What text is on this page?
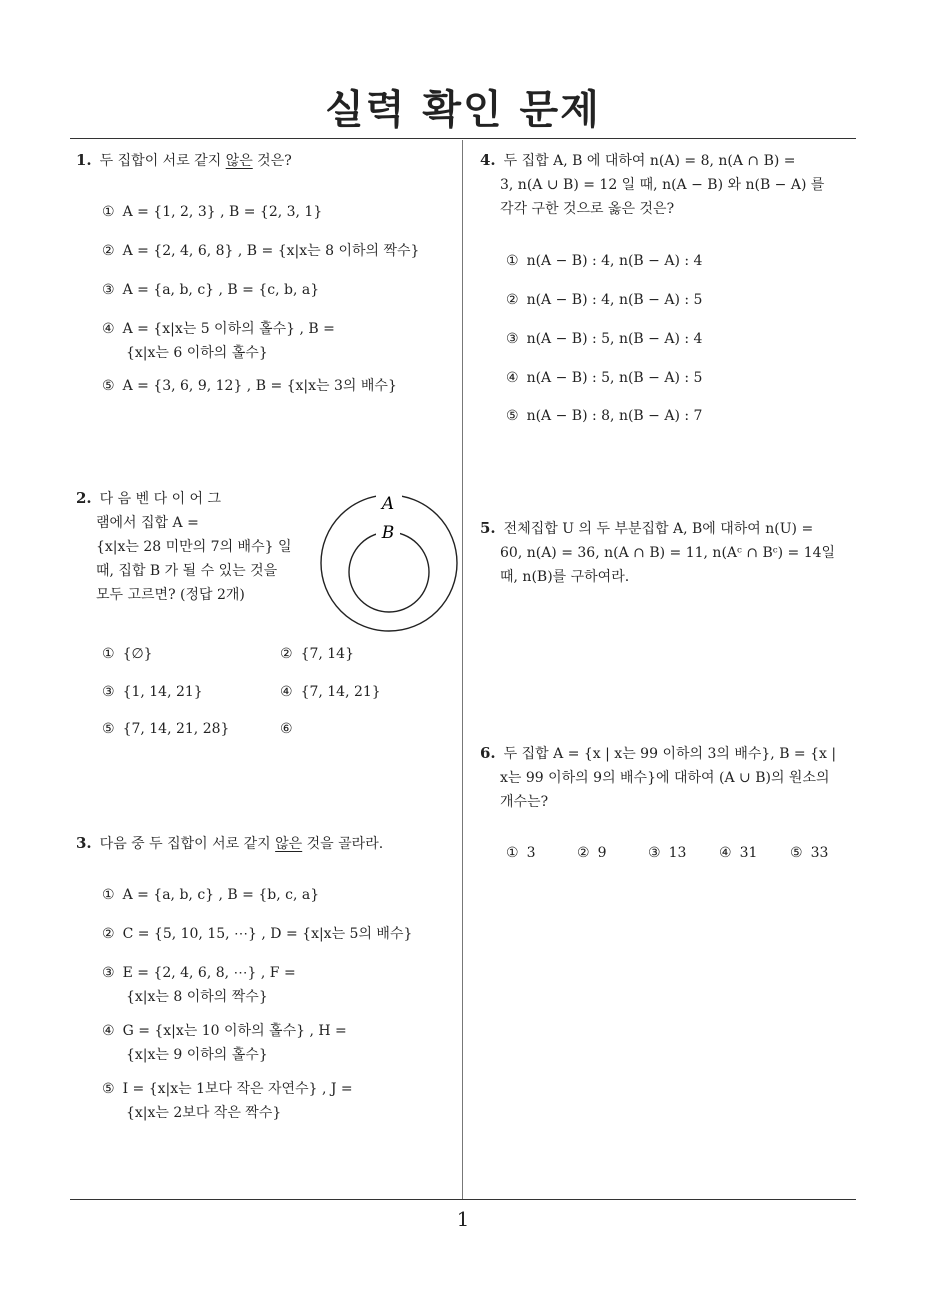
실력 확인 문제
1
1. 두 집합이 서로 같지 않은 것은?
① A = {1, 2, 3} , B = {2, 3, 1}
② A = {2, 4, 6, 8} , B = {x|x는 8 이하의 짝수}
③ A = {a, b, c} , B = {c, b, a}
④ A = {x|x는 5 이하의 홀수} , B =
{x|x는 6 이하의 홀수}
⑤ A = {3, 6, 9, 12} , B = {x|x는 3의 배수}
2. 다 음 벤 다 이 어 그
램에서 집합 A =
{x|x는 28 미만의 7의 배수} 일
때, 집합 B 가 될 수 있는 것을
모두 고르면? (정답 2개)
A
B
① {∅}	② {7, 14}
③ {1, 14, 21}	④ {7, 14, 21}
⑤ {7, 14, 21, 28}	⑥
3. 다음 중 두 집합이 서로 같지 않은 것을 골라라.
① A = {a, b, c} , B = {b, c, a}
② C = {5, 10, 15, ⋯} , D = {x|x는 5의 배수}
③ E = {2, 4, 6, 8, ⋯} , F =
{x|x는 8 이하의 짝수}
④ G = {x|x는 10 이하의 홀수} , H =
{x|x는 9 이하의 홀수}
⑤ I = {x|x는 1보다 작은 자연수} , J =
{x|x는 2보다 작은 짝수}
4. 두 집합 A, B 에 대하여 n(A) = 8, n(A ∩ B) =
3, n(A ∪ B) = 12 일 때, n(A − B) 와 n(B − A) 를
각각 구한 것으로 옳은 것은?
① n(A − B) : 4, n(B − A) : 4
② n(A − B) : 4, n(B − A) : 5
③ n(A − B) : 5, n(B − A) : 4
④ n(A − B) : 5, n(B − A) : 5
⑤ n(A − B) : 8, n(B − A) : 7
5. 전체집합 U 의 두 부분집합 A, B에 대하여 n(U) =
60, n(A) = 36, n(A ∩ B) = 11, n(Aᶜ ∩ Bᶜ) = 14일
때, n(B)를 구하여라.
6. 두 집합 A = {x | x는 99 이하의 3의 배수}, B = {x |
x는 99 이하의 9의 배수}에 대하여 (A ∪ B)의 원소의
개수는?
① 3	② 9	③ 13 ④ 31 ⑤ 33
